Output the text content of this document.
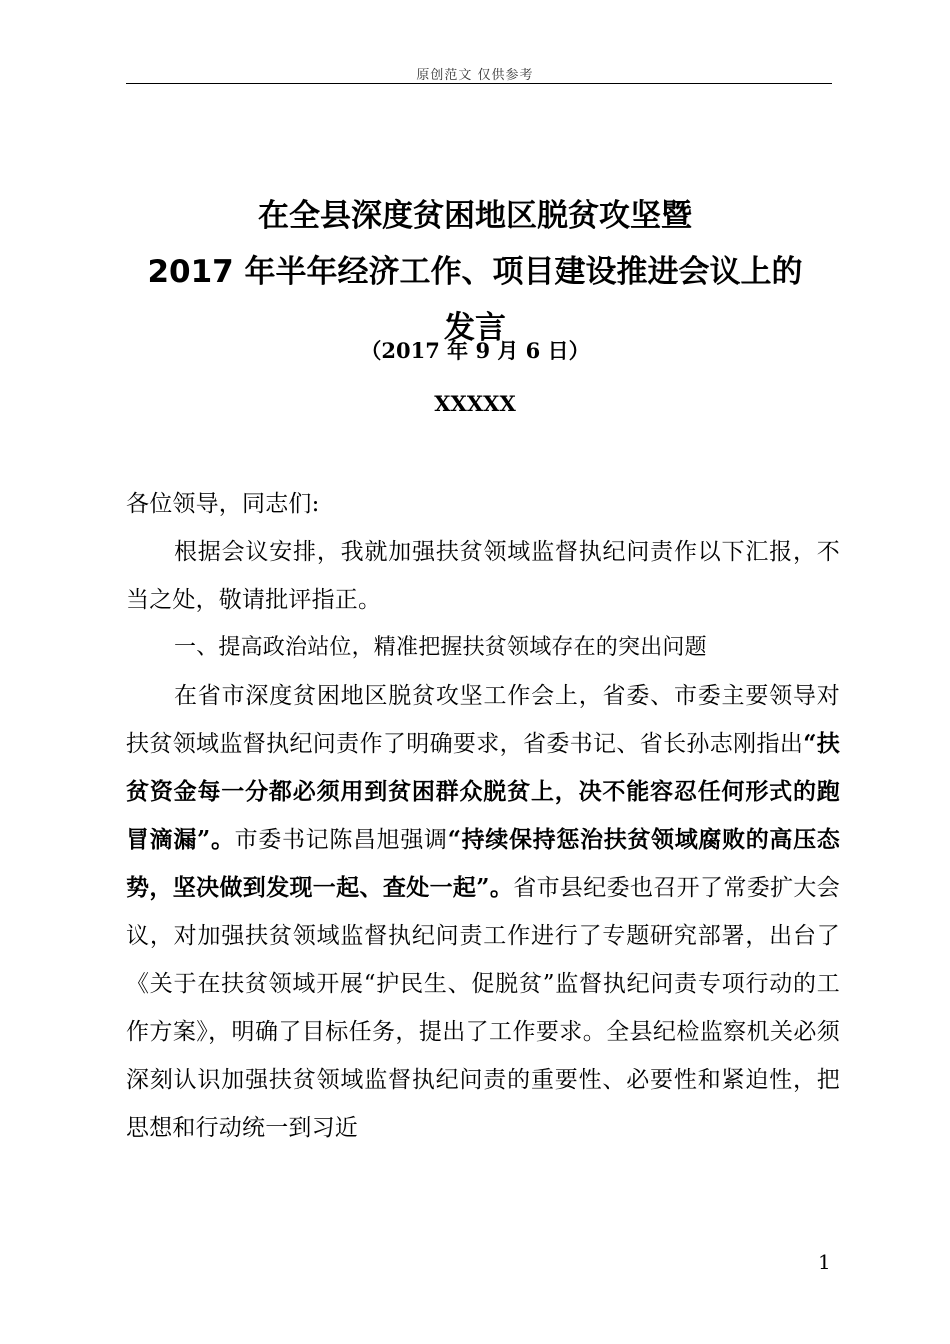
原创范文 仅供参考
在全县深度贫困地区脱贫攻坚暨
2017 年半年经济工作、项目建设推进会议上的
发言
（2017 年 9 月 6 日）
XXXXX

各位领导，同志们:

根据会议安排，我就加强扶贫领域监督执纪问责作以下汇报，不当之处，敬请批评指正。

一、提高政治站位，精准把握扶贫领域存在的突出问题

在省市深度贫困地区脱贫攻坚工作会上，省委、市委主要领导对扶贫领域监督执纪问责作了明确要求，省委书记、省长孙志刚指出“扶贫资金每一分都必须用到贫困群众脱贫上，决不能容忍任何形式的跑冒滴漏”。市委书记陈昌旭强调“持续保持惩治扶贫领域腐败的高压态势，坚决做到发现一起、查处一起”。省市县纪委也召开了常委扩大会议，对加强扶贫领域监督执纪问责工作进行了专题研究部署，出台了《关于在扶贫领域开展“护民生、促脱贫”监督执纪问责专项行动的工作方案》，明确了目标任务，提出了工作要求。全县纪检监察机关必须深刻认识加强扶贫领域监督执纪问责的重要性、必要性和紧迫性，把思想和行动统一到习近

1
